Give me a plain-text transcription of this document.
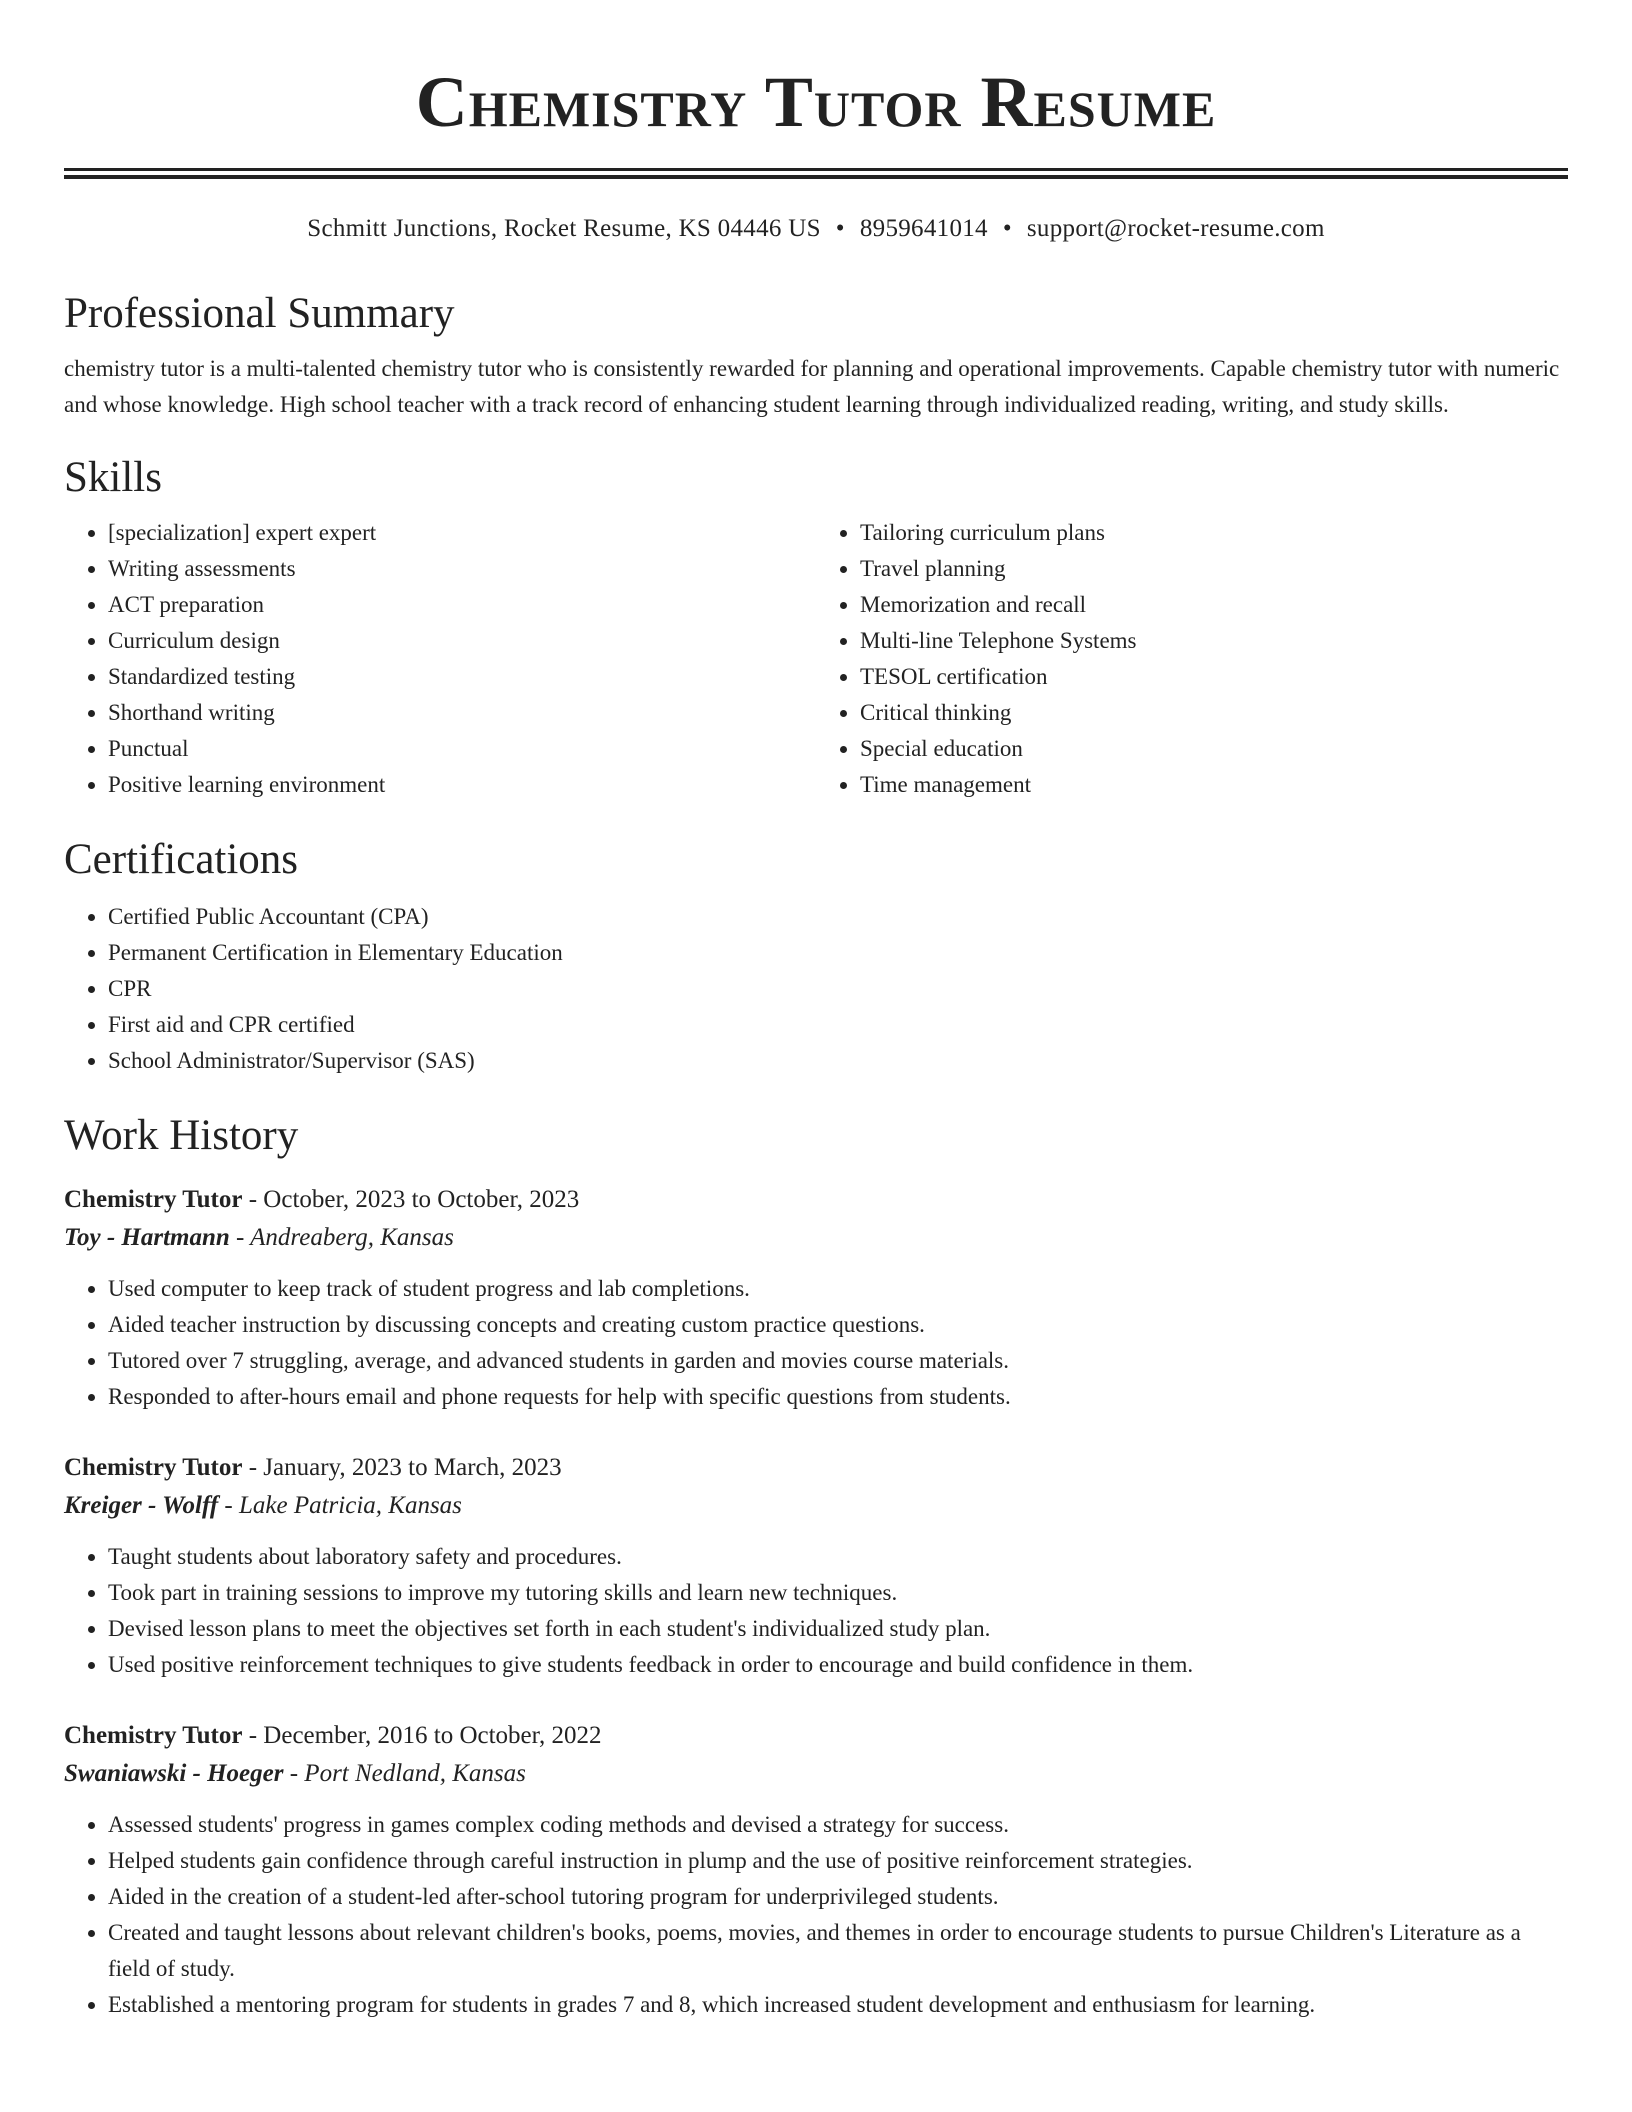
Chemistry Tutor Resume
Schmitt Junctions, Rocket Resume, KS 04446 US • 8959641014 • support@rocket-resume.com
Professional Summary
chemistry tutor is a multi-talented chemistry tutor who is consistently rewarded for planning and operational improvements. Capable chemistry tutor with numeric and whose knowledge. High school teacher with a track record of enhancing student learning through individualized reading, writing, and study skills.
Skills
• [specialization] expert expert
• Writing assessments
• ACT preparation
• Curriculum design
• Standardized testing
• Shorthand writing
• Punctual
• Positive learning environment
• Tailoring curriculum plans
• Travel planning
• Memorization and recall
• Multi-line Telephone Systems
• TESOL certification
• Critical thinking
• Special education
• Time management
Certifications
• Certified Public Accountant (CPA)
• Permanent Certification in Elementary Education
• CPR
• First aid and CPR certified
• School Administrator/Supervisor (SAS)
Work History
Chemistry Tutor - October, 2023 to October, 2023
Toy - Hartmann - Andreaberg, Kansas
• Used computer to keep track of student progress and lab completions.
• Aided teacher instruction by discussing concepts and creating custom practice questions.
• Tutored over 7 struggling, average, and advanced students in garden and movies course materials.
• Responded to after-hours email and phone requests for help with specific questions from students.
Chemistry Tutor - January, 2023 to March, 2023
Kreiger - Wolff - Lake Patricia, Kansas
• Taught students about laboratory safety and procedures.
• Took part in training sessions to improve my tutoring skills and learn new techniques.
• Devised lesson plans to meet the objectives set forth in each student's individualized study plan.
• Used positive reinforcement techniques to give students feedback in order to encourage and build confidence in them.
Chemistry Tutor - December, 2016 to October, 2022
Swaniawski - Hoeger - Port Nedland, Kansas
• Assessed students' progress in games complex coding methods and devised a strategy for success.
• Helped students gain confidence through careful instruction in plump and the use of positive reinforcement strategies.
• Aided in the creation of a student-led after-school tutoring program for underprivileged students.
• Created and taught lessons about relevant children's books, poems, movies, and themes in order to encourage students to pursue Children's Literature as a field of study.
• Established a mentoring program for students in grades 7 and 8, which increased student development and enthusiasm for learning.
